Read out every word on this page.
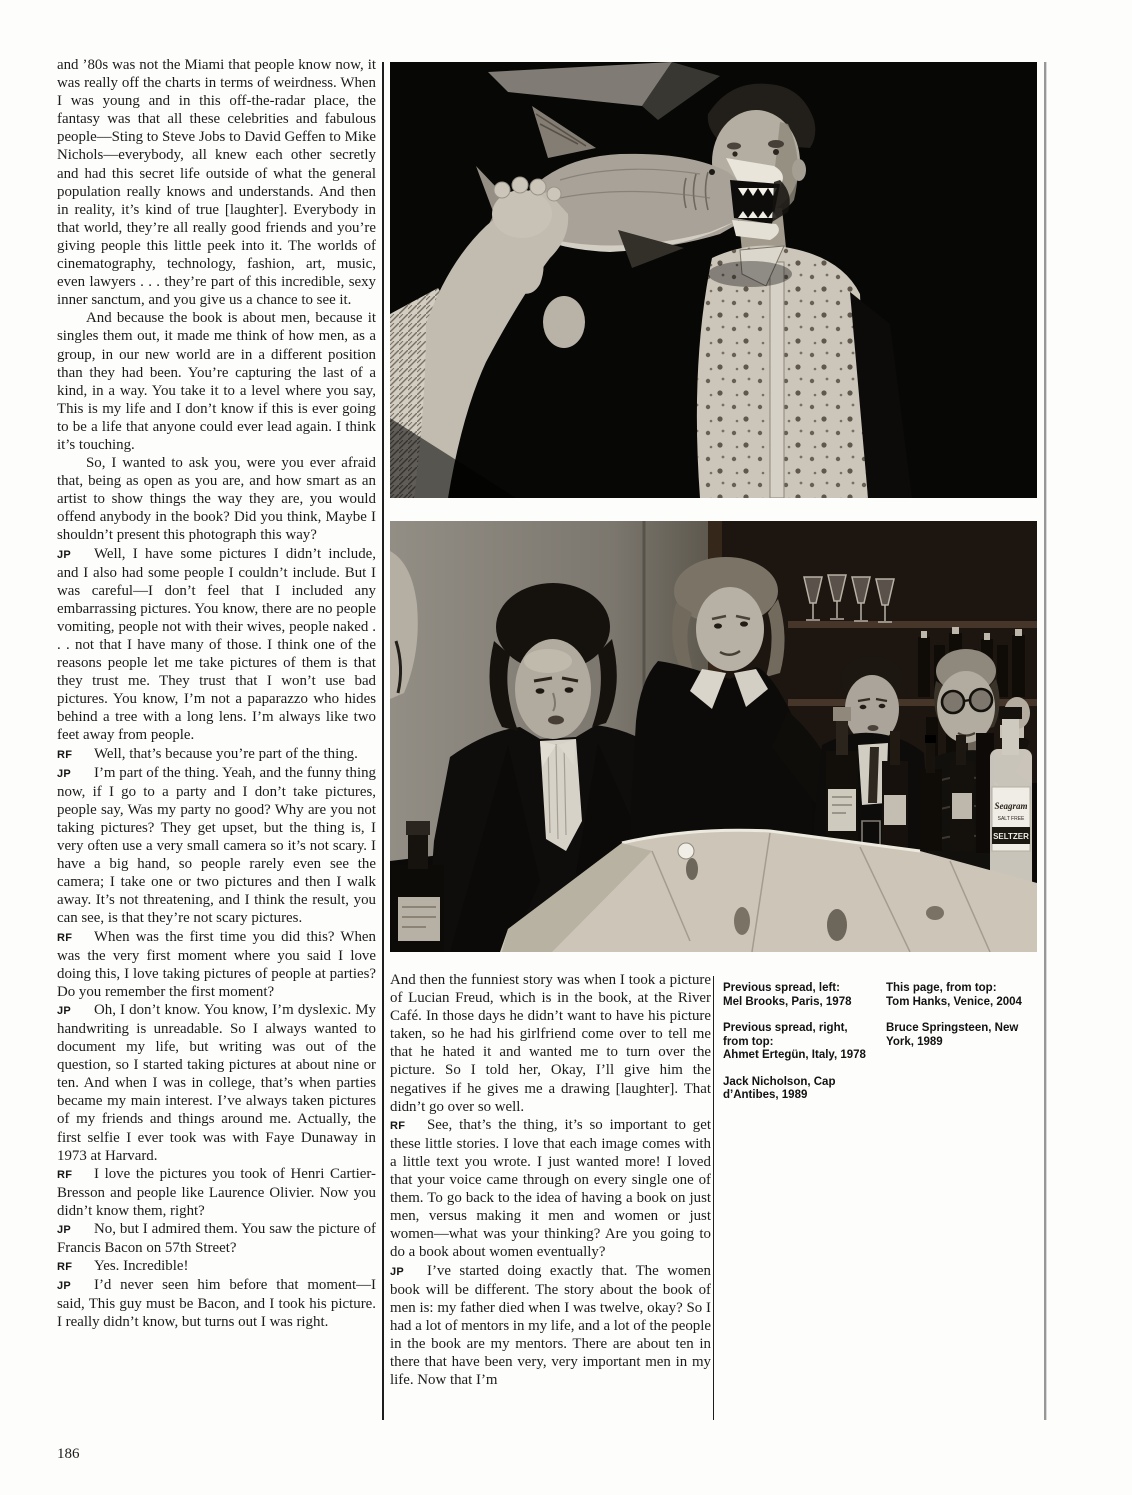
and ’80s was not the Miami that people know now, it was really off the charts in terms of weirdness. When I was young and in this off-the-radar place, the fantasy was that all these celebrities and fabulous people—Sting to Steve Jobs to David Geffen to Mike Nichols—everybody, all knew each other secretly and had this secret life outside of what the general population really knows and understands. And then in reality, it’s kind of true [laughter]. Everybody in that world, they’re all really good friends and you’re giving people this little peek into it. The worlds of cinematography, technology, fashion, art, music, even lawyers . . . they’re part of this incredible, sexy inner sanctum, and you give us a chance to see it.

And because the book is about men, because it singles them out, it made me think of how men, as a group, in our new world are in a different position than they had been. You’re capturing the last of a kind, in a way. You take it to a level where you say, This is my life and I don’t know if this is ever going to be a life that anyone could ever lead again. I think it’s touching.

So, I wanted to ask you, were you ever afraid that, being as open as you are, and how smart as an artist to show things the way they are, you would offend anybody in the book? Did you think, Maybe I shouldn’t present this photograph this way?

JP Well, I have some pictures I didn’t include, and I also had some people I couldn’t include. But I was careful—I don’t feel that I included any embarrassing pictures. You know, there are no people vomiting, people not with their wives, people naked . . . not that I have many of those. I think one of the reasons people let me take pictures of them is that they trust me. They trust that I won’t use bad pictures. You know, I’m not a paparazzo who hides behind a tree with a long lens. I’m always like two feet away from people.

RF Well, that’s because you’re part of the thing.

JP I’m part of the thing. Yeah, and the funny thing now, if I go to a party and I don’t take pictures, people say, Was my party no good? Why are you not taking pictures? They get upset, but the thing is, I very often use a very small camera so it’s not scary. I have a big hand, so people rarely even see the camera; I take one or two pictures and then I walk away. It’s not threatening, and I think the result, you can see, is that they’re not scary pictures.

RF When was the first time you did this? When was the very first moment where you said I love doing this, I love taking pictures of people at parties? Do you remember the first moment?

JP Oh, I don’t know. You know, I’m dyslexic. My handwriting is unreadable. So I always wanted to document my life, but writing was out of the question, so I started taking pictures at about nine or ten. And when I was in college, that’s when parties became my main interest. I’ve always taken pictures of my friends and things around me. Actually, the first selfie I ever took was with Faye Dunaway in 1973 at Harvard.

RF I love the pictures you took of Henri Cartier-Bresson and people like Laurence Olivier. Now you didn’t know them, right?

JP No, but I admired them. You saw the picture of Francis Bacon on 57th Street?

RF Yes. Incredible!

JP I’d never seen him before that moment—I said, This guy must be Bacon, and I took his picture. I really didn’t know, but turns out I was right.

Seagram
SALT FREE
SELTZER

And then the funniest story was when I took a picture of Lucian Freud, which is in the book, at the River Café. In those days he didn’t want to have his picture taken, so he had his girlfriend come over to tell me that he hated it and wanted me to turn over the picture. So I told her, Okay, I’ll give him the negatives if he gives me a drawing [laughter]. That didn’t go over so well.

RF See, that’s the thing, it’s so important to get these little stories. I love that each image comes with a little text you wrote. I just wanted more! I loved that your voice came through on every single one of them. To go back to the idea of having a book on just men, versus making it men and women or just women—what was your thinking? Are you going to do a book about women eventually?

JP I’ve started doing exactly that. The women book will be different. The story about the book of men is: my father died when I was twelve, okay? So I had a lot of mentors in my life, and a lot of the people in the book are my mentors. There are about ten in there that have been very, very important men in my life. Now that I’m

Previous spread, left:
Mel Brooks, Paris, 1978

Previous spread, right,
from top:
Ahmet Ertegün, Italy, 1978

Jack Nicholson, Cap
d’Antibes, 1989

This page, from top:
Tom Hanks, Venice, 2004

Bruce Springsteen, New
York, 1989

186
